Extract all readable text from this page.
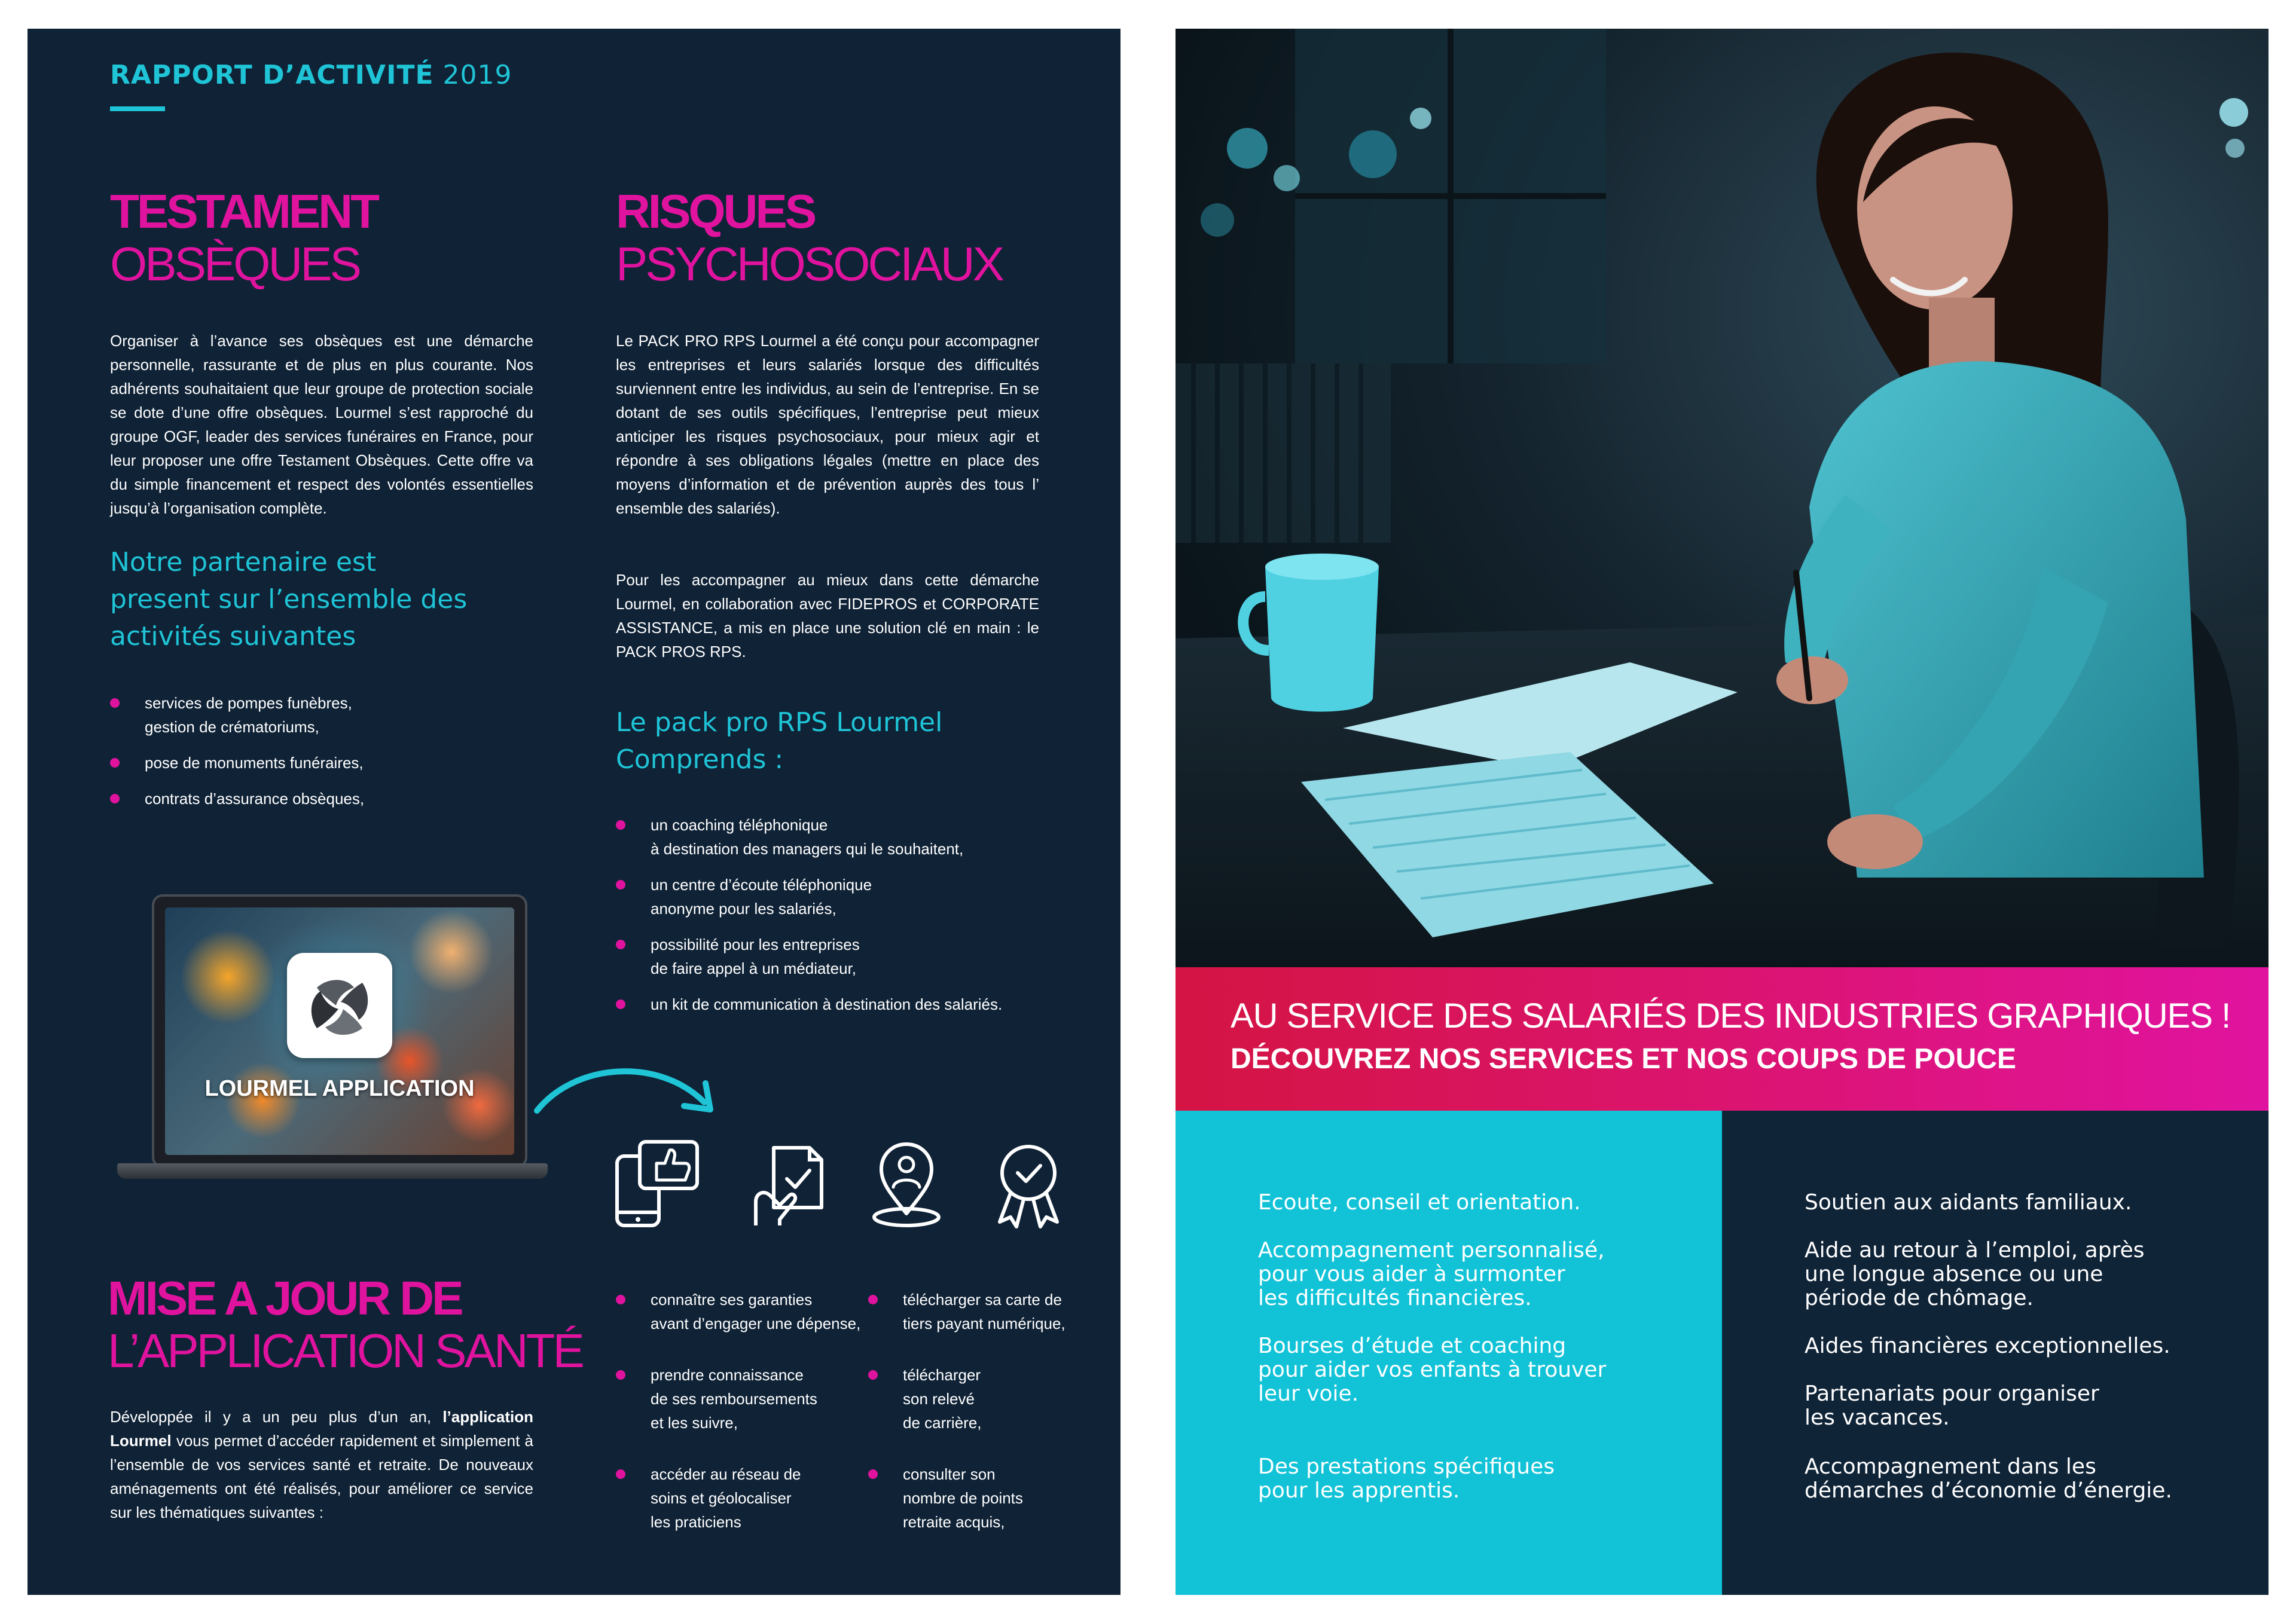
RAPPORT D’ACTIVITÉ 2019
TESTAMENT
OBSÈQUES
Organiser à l’avance ses obsèques est une démarche personnelle, rassurante et de plus en plus courante. Nos adhérents souhaitaient que leur groupe de protection sociale se dote d’une offre obsèques. Lourmel s’est rapproché du groupe OGF, leader des services funéraires en France, pour leur proposer une offre Testament Obsèques. Cette offre va du simple financement et respect des volontés essentielles jusqu’à l’organisation complète.
Notre partenaire est present sur l’ensemble des activités suivantes
services de pompes funèbres,
gestion de crématoriums,
pose de monuments funéraires,
contrats d’assurance obsèques,
RISQUES
PSYCHOSOCIAUX
Le PACK PRO RPS Lourmel a été conçu pour accompagner les entreprises et leurs salariés lorsque des difficultés surviennent entre les individus, au sein de l’entreprise. En se dotant de ses outils spécifiques, l’entreprise peut mieux anticiper les risques psychosociaux, pour mieux agir et répondre à ses obligations légales (mettre en place des moyens d’information et de prévention auprès des tous l’ ensemble des salariés).
Pour les accompagner au mieux dans cette démarche Lourmel, en collaboration avec FIDEPROS et CORPORATE ASSISTANCE, a mis en place une solution clé en main : le PACK PROS RPS.
Le pack pro RPS Lourmel Comprends :
un coaching téléphonique
à destination des managers qui le souhaitent,
un centre d’écoute téléphonique
anonyme pour les salariés,
possibilité pour les entreprises
de faire appel à un médiateur,
un kit de communication à destination des salariés.
LOURMEL APPLICATION
MISE A JOUR DE
L’APPLICATION SANTÉ
Développée il y a un peu plus d’un an, l’application Lourmel vous permet d’accéder rapidement et simplement à l’ensemble de vos services santé et retraite. De nouveaux aménagements ont été réalisés, pour améliorer ce service sur les thématiques suivantes :
connaître ses garanties
avant d’engager une dépense,
prendre connaissance
de ses remboursements
et les suivre,
accéder au réseau de
soins et géolocaliser
les praticiens
télécharger sa carte de
tiers payant numérique,
télécharger
son relevé
de carrière,
consulter son
nombre de points
retraite acquis,
AU SERVICE DES SALARIÉS DES INDUSTRIES GRAPHIQUES !
DÉCOUVREZ NOS SERVICES ET NOS COUPS DE POUCE
Ecoute, conseil et orientation.
Accompagnement personnalisé,
pour vous aider à surmonter
les difficultés financières.
Bourses d’étude et coaching
pour aider vos enfants à trouver
leur voie.
Des prestations spécifiques
pour les apprentis.
Soutien aux aidants familiaux.
Aide au retour à l’emploi, après
une longue absence ou une
période de chômage.
Aides financières exceptionnelles.
Partenariats pour organiser
les vacances.
Accompagnement dans les
démarches d’économie d’énergie.
